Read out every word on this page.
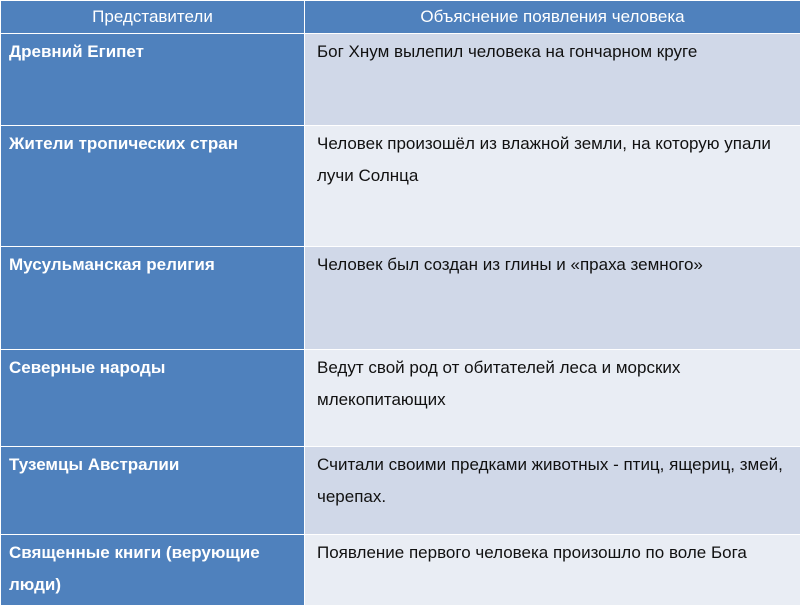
Представители	Объяснение появления человека
Древний Египет	Бог Хнум вылепил человека на гончарном круге
Жители тропических стран	Человек произошёл из влажной земли, на которую упали лучи Солнца
Мусульманская религия	Человек был создан из глины и «праха земного»
Северные народы	Ведут свой род от обитателей леса и морских млекопитающих
Туземцы Австралии	Считали своими предками животных - птиц, ящериц, змей, черепах.
Священные книги (верующие люди)	Появление первого человека произошло по воле Бога
